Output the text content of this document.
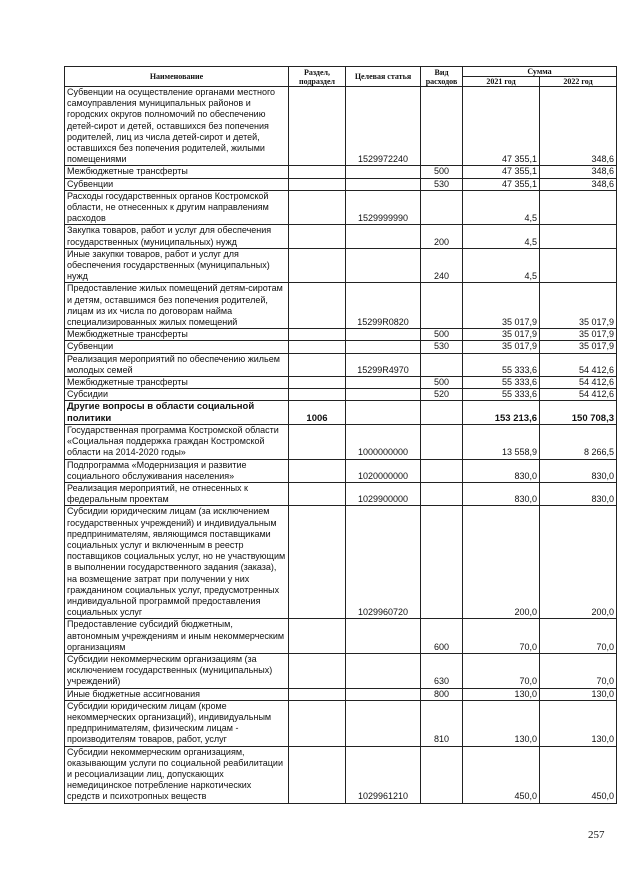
Наименование	Раздел, подраздел	Целевая статья	Вид расходов	Сумма	
				2021 год	2022 год
Субвенции на осуществление органами местного самоуправления муниципальных районов и городских округов полномочий по обеспечению детей-сирот и детей, оставшихся без попечения родителей, лиц из числа детей-сирот и детей, оставшихся без попечения родителей, жилыми помещениями		1529972240		47 355,1	348,6
Межбюджетные трансферты			500	47 355,1	348,6
Субвенции			530	47 355,1	348,6
Расходы государственных органов Костромской области, не отнесенных к другим направлениям расходов		1529999990		4,5	
Закупка товаров, работ и услуг для обеспечения государственных (муниципальных) нужд			200	4,5	
Иные закупки товаров, работ и услуг для обеспечения государственных (муниципальных) нужд			240	4,5	
Предоставление жилых помещений детям-сиротам и детям, оставшимся без попечения родителей, лицам из их числа по договорам найма специализированных жилых помещений		15299R0820		35 017,9	35 017,9
Межбюджетные трансферты			500	35 017,9	35 017,9
Субвенции			530	35 017,9	35 017,9
Реализация мероприятий по обеспечению жильем молодых семей		15299R4970		55 333,6	54 412,6
Межбюджетные трансферты			500	55 333,6	54 412,6
Субсидии			520	55 333,6	54 412,6
Другие вопросы в области социальной политики	1006			153 213,6	150 708,3
Государственная программа Костромской области «Социальная поддержка граждан Костромской области на 2014-2020 годы»		1000000000		13 558,9	8 266,5
Подпрограмма «Модернизация и развитие социального обслуживания населения»		1020000000		830,0	830,0
Реализация мероприятий, не отнесенных к федеральным проектам		1029900000		830,0	830,0
Субсидии юридическим лицам (за исключением государственных учреждений) и индивидуальным предпринимателям, являющимся поставщиками социальных услуг и включенным в реестр поставщиков социальных услуг, но не участвующим в выполнении государственного задания (заказа), на возмещение затрат при получении у них гражданином социальных услуг, предусмотренных индивидуальной программой предоставления социальных услуг		1029960720		200,0	200,0
Предоставление субсидий бюджетным, автономным учреждениям и иным некоммерческим организациям			600	70,0	70,0
Субсидии некоммерческим организациям (за исключением государственных (муниципальных) учреждений)			630	70,0	70,0
Иные бюджетные ассигнования			800	130,0	130,0
Субсидии юридическим лицам (кроме некоммерческих организаций), индивидуальным предпринимателям, физическим лицам - производителям товаров, работ, услуг			810	130,0	130,0
Субсидии некоммерческим организациям, оказывающим услуги по социальной реабилитации и ресоциализации лиц, допускающих немедицинское потребление наркотических средств и психотропных веществ		1029961210		450,0	450,0
257
